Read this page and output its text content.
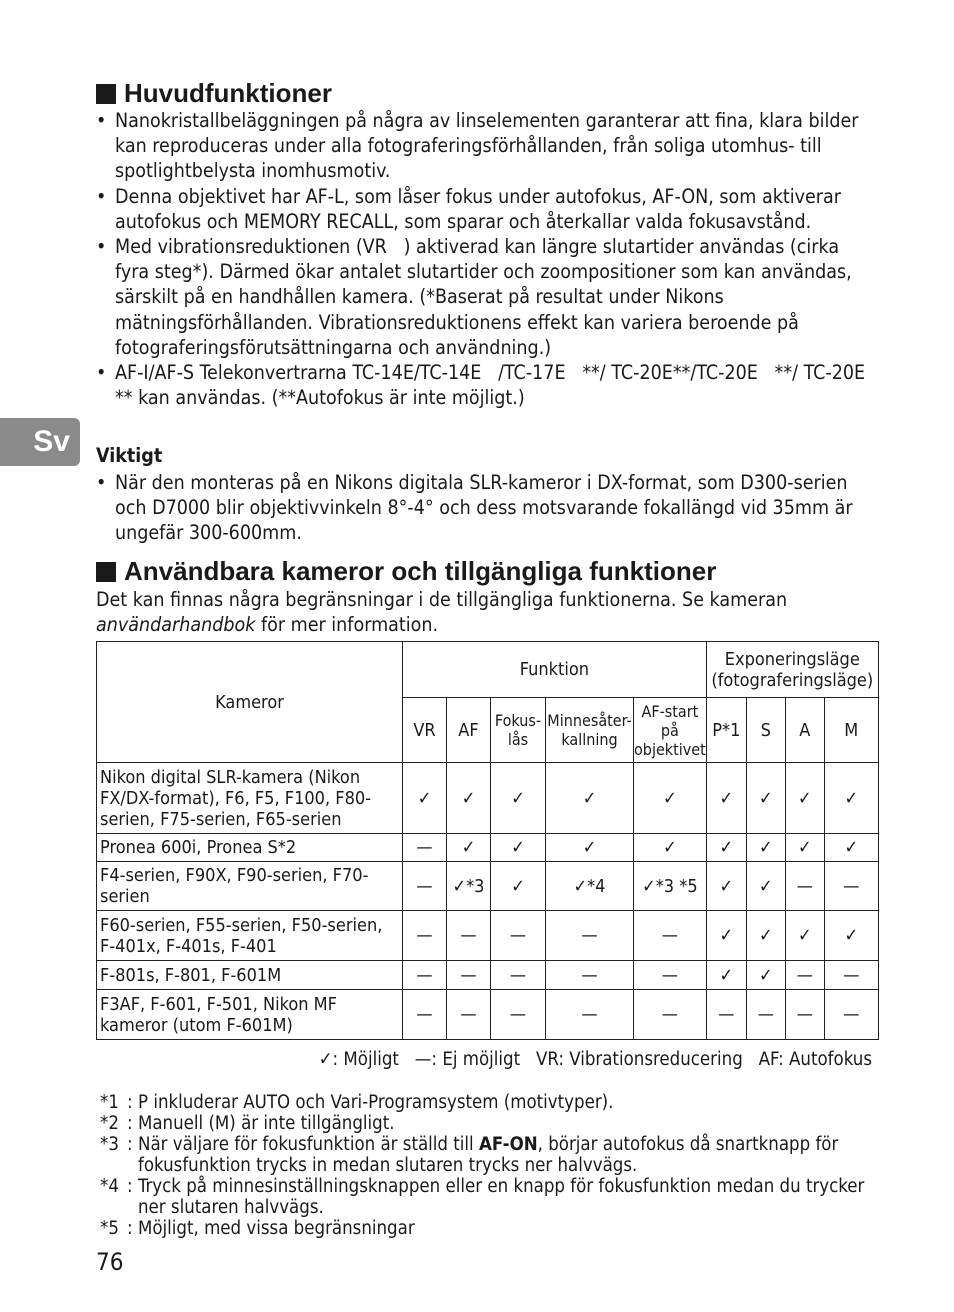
Sv
Huvudfunktioner
• Nanokristallbeläggningen på några av linselementen garanterar att fina, klara bilder kan reproduceras under alla fotograferingsförhållanden, från soliga utomhus- till spotlightbelysta inomhusmotiv.
• Denna objektivet har AF-L, som låser fokus under autofokus, AF-ON, som aktiverar autofokus och MEMORY RECALL, som sparar och återkallar valda fokusavstånd.
• Med vibrationsreduktionen (VR   ) aktiverad kan längre slutartider användas (cirka fyra steg*). Därmed ökar antalet slutartider och zoompositioner som kan användas, särskilt på en handhållen kamera. (*Baserat på resultat under Nikons mätningsförhållanden. Vibrationsreduktionens effekt kan variera beroende på fotograferingsförutsättningarna och användning.)
• AF-I/AF-S Telekonvertrarna TC-14E/TC-14E   /TC-17E   **/ TC-20E**/TC-20E   **/ TC-20E   ** kan användas. (**Autofokus är inte möjligt.)
Viktigt
• När den monteras på en Nikons digitala SLR-kameror i DX-format, som D300-serien och D7000 blir objektivvinkeln 8°-4° och dess motsvarande fokallängd vid 35mm är ungefär 300-600mm.
Användbara kameror och tillgängliga funktioner

Det kan finnas några begränsningar i de tillgängliga funktionerna. Se kameran användarhandbok för mer information.

Kameror	Funktion					Exponeringsläge (fotograferingsläge)			
	VR	AF	Fokus- lås	Minnesåter- kallning	AF-start på objektivet	P*1	S	A	M
Nikon digital SLR-kamera (Nikon FX/DX-format), F6, F5, F100, F80-serien, F75-serien, F65-serien	✓	✓	✓	✓	✓	✓	✓	✓	✓
Pronea 600i, Pronea S*2	—	✓	✓	✓	✓	✓	✓	✓	✓
F4-serien, F90X, F90-serien, F70-serien	—	✓*3	✓	✓*4	✓*3 *5	✓	✓	—	—
F60-serien, F55-serien, F50-serien, F-401x, F-401s, F-401	—	—	—	—	—	✓	✓	✓	✓
F-801s, F-801, F-601M	—	—	—	—	—	✓	✓	—	—
F3AF, F-601, F-501, Nikon MF kameror (utom F-601M)	—	—	—	—	—	—	—	—	—
✓: Möjligt   —: Ej möjligt   VR: Vibrationsreducering   AF: Autofokus
*1 : P inkluderar AUTO och Vari-Programsystem (motivtyper).
*2 : Manuell (M) är inte tillgängligt.
*3 : När väljare för fokusfunktion är ställd till AF-ON, börjar autofokus då snartknapp för fokusfunktion trycks in medan slutaren trycks ner halvvägs.
*4 : Tryck på minnesinställningsknappen eller en knapp för fokusfunktion medan du trycker ner slutaren halvvägs.
*5 : Möjligt, med vissa begränsningar
76
